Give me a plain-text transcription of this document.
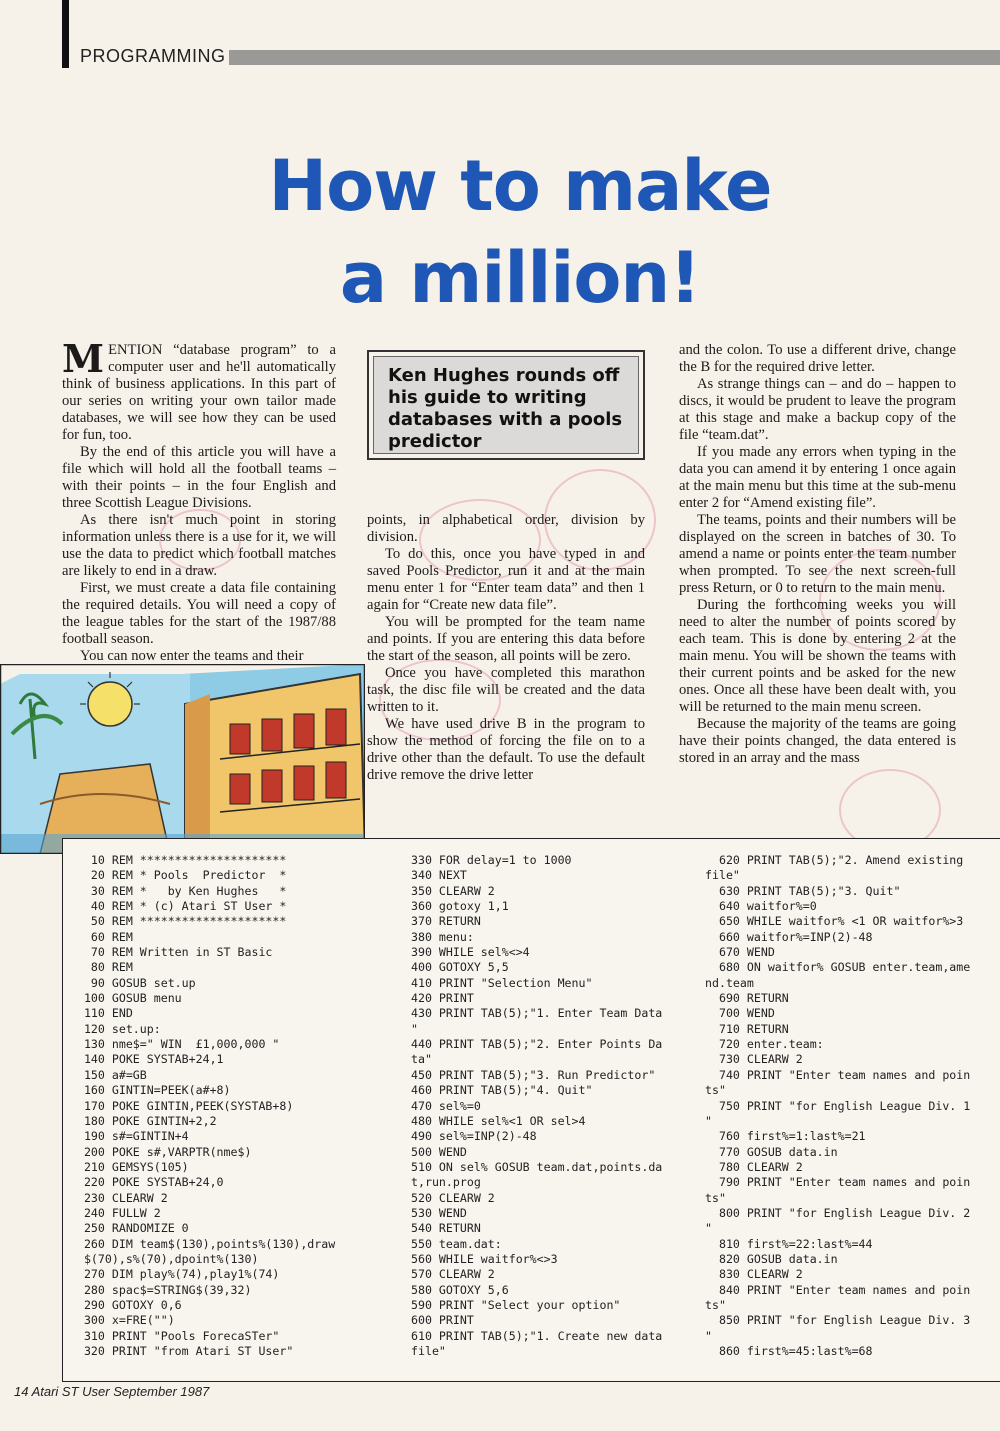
PROGRAMMING
How to make
a million!

MENTION “database program” to a computer user and he'll automatically think of business applications. In this part of our series on writing your own tailor made databases, we will see how they can be used for fun, too.

By the end of this article you will have a file which will hold all the football teams – with their points – in the four English and three Scottish League Divisions.

As there isn't much point in storing information unless there is a use for it, we will use the data to predict which football matches are likely to end in a draw.

First, we must create a data file containing the required details. You will need a copy of the league tables for the start of the 1987/88 football season.

You can now enter the teams and their

Ken Hughes rounds off his guide to writing databases with a pools predictor

points, in alphabetical order, division by division.

To do this, once you have typed in and saved Pools Predictor, run it and at the main menu enter 1 for “Enter team data” and then 1 again for “Create new data file”.

You will be prompted for the team name and points. If you are entering this data before the start of the season, all points will be zero.

Once you have completed this marathon task, the disc file will be created and the data written to it.

We have used drive B in the program to show the method of forcing the file on to a drive other than the default. To use the default drive remove the drive letter

and the colon. To use a different drive, change the B for the required drive letter.

As strange things can – and do – happen to discs, it would be prudent to leave the program at this stage and make a backup copy of the file “team.dat”.

If you made any errors when typing in the data you can amend it by entering 1 once again at the main menu but this time at the sub-menu enter 2 for “Amend existing file”.

The teams, points and their numbers will be displayed on the screen in batches of 30. To amend a name or points enter the team number when prompted. To see the next screen-full press Return, or 0 to return to the main menu.

During the forthcoming weeks you will need to alter the number of points scored by each team. This is done by entering 2 at the main menu. You will be shown the teams with their current points and be asked for the new ones. Once all these have been dealt with, you will be returned to the main menu screen.

Because the majority of the teams are going have their points changed, the data entered is stored in an array and the mass

10 REM *********************
20 REM * Pools  Predictor  *
30 REM *   by Ken Hughes   *
40 REM * (c) Atari ST User *
50 REM *********************
60 REM
70 REM Written in ST Basic
80 REM
90 GOSUB set.up
100 GOSUB menu
110 END
120 set.up:
130 nme$=" WIN  £1,000,000 "
140 POKE SYSTAB+24,1
150 a#=GB
160 GINTIN=PEEK(a#+8)
170 POKE GINTIN,PEEK(SYSTAB+8)
180 POKE GINTIN+2,2
190 s#=GINTIN+4
200 POKE s#,VARPTR(nme$)
210 GEMSYS(105)
220 POKE SYSTAB+24,0
230 CLEARW 2
240 FULLW 2
250 RANDOMIZE 0
260 DIM team$(130),points%(130),draw
$(70),s%(70),dpoint%(130)
270 DIM play%(74),play1%(74)
280 spac$=STRING$(39,32)
290 GOTOXY 0,6
300 x=FRE("")
310 PRINT "Pools ForecaSTer"
320 PRINT "from Atari ST User"
330 FOR delay=1 to 1000
340 NEXT
350 CLEARW 2
360 gotoxy 1,1
370 RETURN
380 menu:
390 WHILE sel%<>4
400 GOTOXY 5,5
410 PRINT "Selection Menu"
420 PRINT
430 PRINT TAB(5);"1. Enter Team Data
"
440 PRINT TAB(5);"2. Enter Points Da
ta"
450 PRINT TAB(5);"3. Run Predictor"
460 PRINT TAB(5);"4. Quit"
470 sel%=0
480 WHILE sel%<1 OR sel>4
490 sel%=INP(2)-48
500 WEND
510 ON sel% GOSUB team.dat,points.da
t,run.prog
520 CLEARW 2
530 WEND
540 RETURN
550 team.dat:
560 WHILE waitfor%<>3
570 CLEARW 2
580 GOTOXY 5,6
590 PRINT "Select your option"
600 PRINT
610 PRINT TAB(5);"1. Create new data
file"
620 PRINT TAB(5);"2. Amend existing
file"
630 PRINT TAB(5);"3. Quit"
640 waitfor%=0
650 WHILE waitfor% <1 OR waitfor%>3
660 waitfor%=INP(2)-48
670 WEND
680 ON waitfor% GOSUB enter.team,ame
nd.team
690 RETURN
700 WEND
710 RETURN
720 enter.team:
730 CLEARW 2
740 PRINT "Enter team names and poin
ts"
750 PRINT "for English League Div. 1
"
760 first%=1:last%=21
770 GOSUB data.in
780 CLEARW 2
790 PRINT "Enter team names and poin
ts"
800 PRINT "for English League Div. 2
"
810 first%=22:last%=44
820 GOSUB data.in
830 CLEARW 2
840 PRINT "Enter team names and poin
ts"
850 PRINT "for English League Div. 3
"
860 first%=45:last%=68
14 Atari ST User September 1987
